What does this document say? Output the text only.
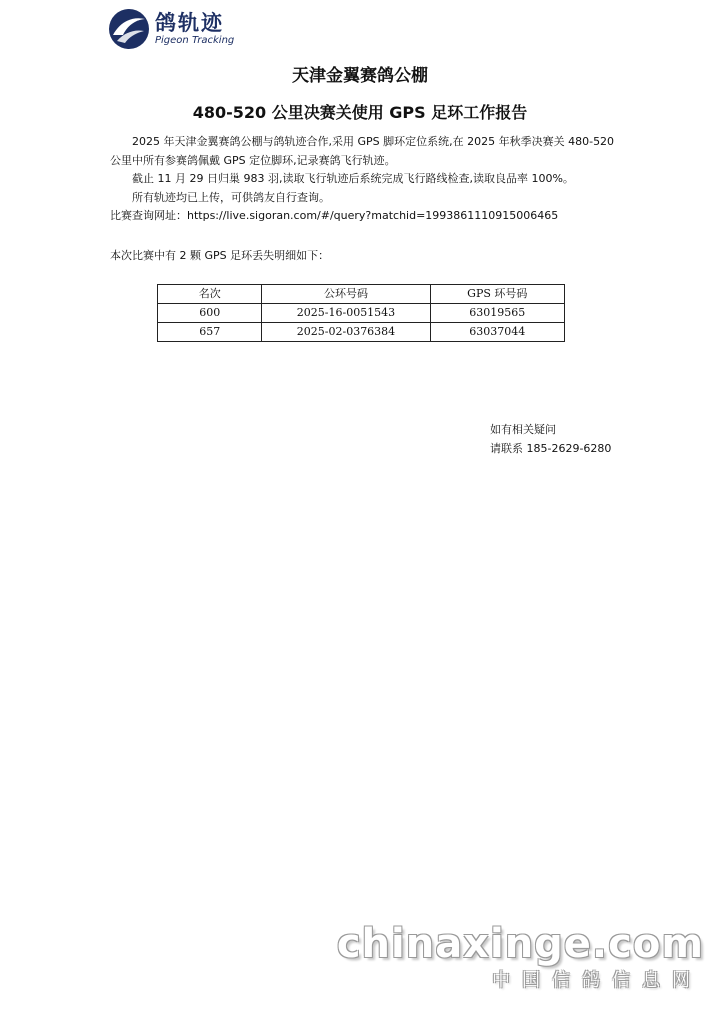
鸽轨迹
Pigeon Tracking
天津金翼赛鸽公棚
480-520 公里决赛关使用 GPS 足环工作报告

2025 年天津金翼赛鸽公棚与鸽轨迹合作,采用 GPS 脚环定位系统,在 2025 年秋季决赛关 480-520 公里中所有参赛鸽佩戴 GPS 定位脚环,记录赛鸽飞行轨迹。

截止 11 月 29 日归巢 983 羽,读取飞行轨迹后系统完成飞行路线检查,读取良品率 100%。

所有轨迹均已上传，可供鸽友自行查询。

比赛查询网址：https://live.sigoran.com/#/query?matchid=1993861110915006465

本次比赛中有 2 颗 GPS 足环丢失明细如下：
名次	公环号码	GPS 环号码
600	2025-16-0051543	63019565
657	2025-02-0376384	63037044
如有相关疑问
请联系 185-2629-6280
chinaxinge.com
中国信鸽信息网
